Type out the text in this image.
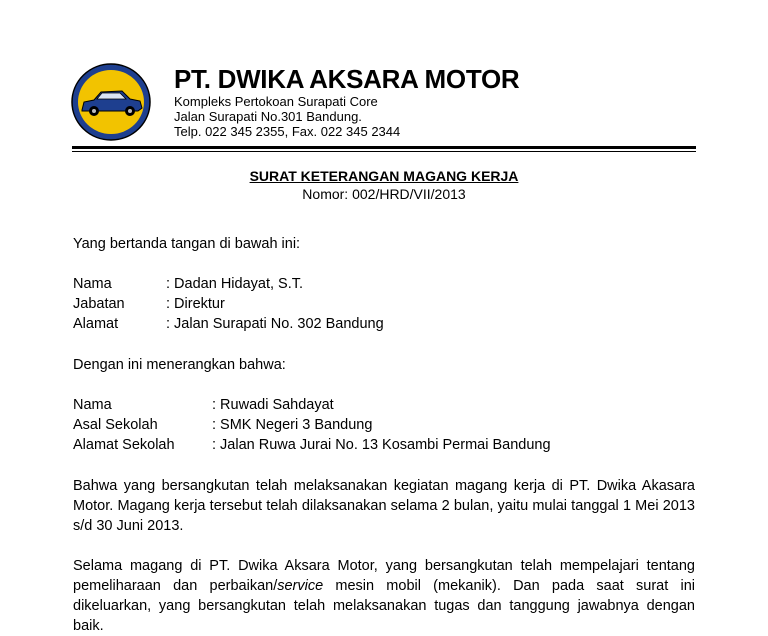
PT. DWIKA AKSARA MOTOR
Kompleks Pertokoan Surapati Core
Jalan Surapati No.301 Bandung.
Telp. 022 345 2355, Fax. 022 345 2344
SURAT KETERANGAN MAGANG KERJA
Nomor: 002/HRD/VII/2013
Yang bertanda tangan di bawah ini:
Nama	: Dadan Hidayat, S.T.
Jabatan	: Direktur
Alamat	: Jalan Surapati No. 302 Bandung
Dengan ini menerangkan bahwa:
Nama	: Ruwadi Sahdayat
Asal Sekolah	: SMK Negeri 3 Bandung
Alamat Sekolah	: Jalan Ruwa Jurai No. 13 Kosambi Permai Bandung
Bahwa yang bersangkutan telah melaksanakan kegiatan magang kerja di PT. Dwika Akasara Motor. Magang kerja tersebut telah dilaksanakan selama 2 bulan, yaitu mulai tanggal 1 Mei 2013 s/d 30 Juni 2013.
Selama magang di PT. Dwika Aksara Motor, yang bersangkutan telah mempelajari tentang pemeliharaan dan perbaikan/service mesin mobil (mekanik). Dan pada saat surat ini dikeluarkan, yang bersangkutan telah melaksanakan tugas dan tanggung jawabnya dengan baik.
